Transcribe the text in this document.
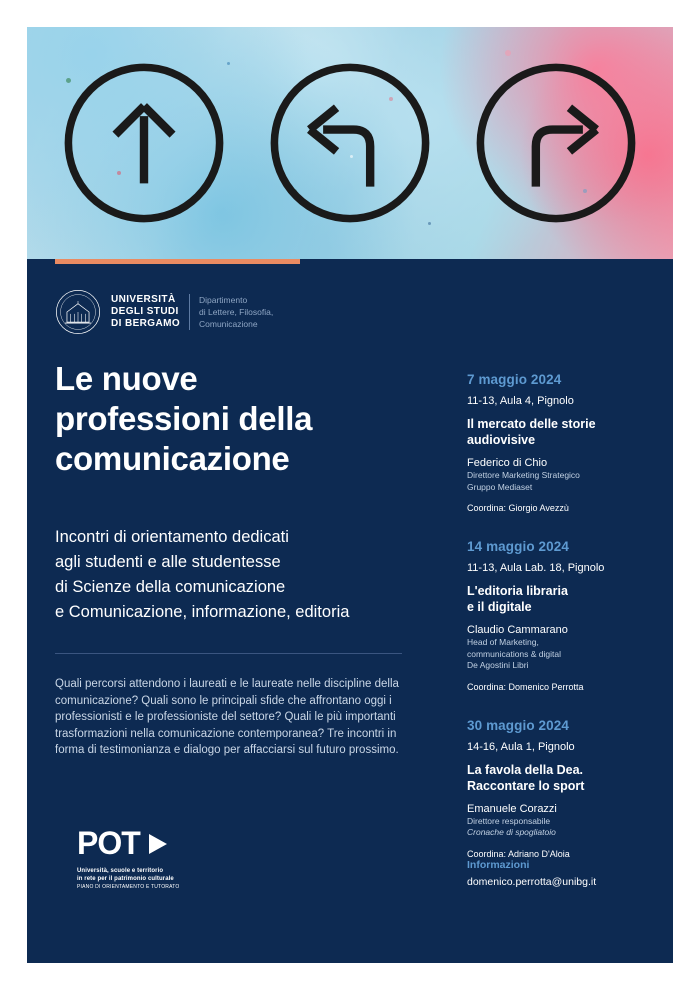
UNIVERSITÀ
DEGLI STUDI
DI BERGAMO
Dipartimento
di Lettere, Filosofia,
Comunicazione
Le nuove
professioni della
comunicazione
Incontri di orientamento dedicati
agli studenti e alle studentesse
di Scienze della comunicazione
e Comunicazione, informazione, editoria
Quali percorsi attendono i laureati e le laureate nelle discipline della comunicazione? Quali sono le principali sfide che affrontano oggi i professionisti e le professioniste del settore? Quali le più importanti trasformazioni nella comunicazione contemporanea? Tre incontri in forma di testimonianza e dialogo per affacciarsi sul futuro prossimo.
POT
Università, scuole e territorio
in rete per il patrimonio culturale
PIANO DI ORIENTAMENTO E TUTORATO
7 maggio 2024
11-13, Aula 4, Pignolo
Il mercato delle storie
audiovisive
Federico di Chio
Direttore Marketing Strategico
Gruppo Mediaset
Coordina: Giorgio Avezzù
14 maggio 2024
11-13, Aula Lab. 18, Pignolo
L'editoria libraria
e il digitale
Claudio Cammarano
Head of Marketing,
communications & digital
De Agostini Libri
Coordina: Domenico Perrotta
30 maggio 2024
14-16, Aula 1, Pignolo
La favola della Dea.
Raccontare lo sport
Emanuele Corazzi
Direttore responsabile
Cronache di spogliatoio
Coordina: Adriano D'Aloia
Informazioni
domenico.perrotta@unibg.it
